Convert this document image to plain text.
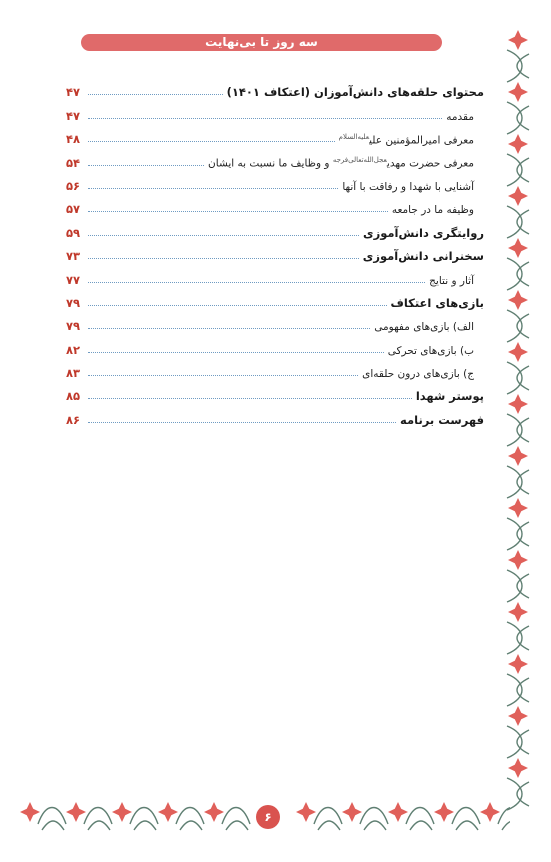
سه روز تا بی‌نهایت
محتوای حلقه‌های دانش‌آموزان (اعتکاف ۱۴۰۱)
۴۷
مقدمه
۴۷
معرفی امیرالمؤمنین علی$^{علیه‌السلام}$
۴۸
معرفی حضرت مهدی$^{عجل‌الله‌تعالی‌فرجه}$ و وظایف ما نسبت به ایشان
۵۴
آشنایی با شهدا و رفاقت با آنها
۵۶
وظیفه ما در جامعه
۵۷
روایتگری دانش‌آموزی
۵۹
سخنرانی دانش‌آموزی
۷۳
آثار و نتایج
۷۷
بازی‌های اعتکاف
۷۹
الف) بازی‌های مفهومی
۷۹
ب) بازی‌های تحرکی
۸۲
ج) بازی‌های درون حلقه‌ای
۸۳
پوستر شهدا
۸۵
فهرست برنامه
۸۶
۶
